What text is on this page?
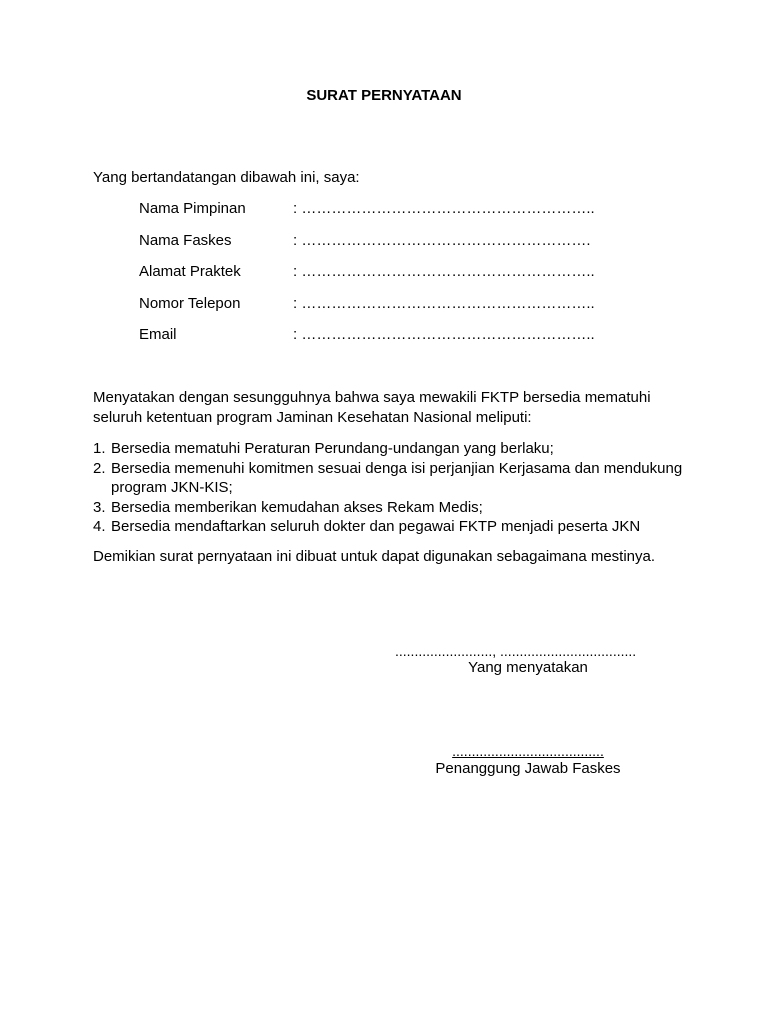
SURAT PERNYATAAN
Yang bertandatangan dibawah ini, saya:
Nama Pimpinan	: …………………………………………………..
Nama Faskes	: ………………………………………………….
Alamat Praktek	: …………………………………………………..
Nomor Telepon	: …………………………………………………..
Email	: …………………………………………………..
Menyatakan dengan sesungguhnya bahwa saya mewakili FKTP bersedia mematuhi seluruh ketentuan program Jaminan Kesehatan Nasional meliputi:
1. Bersedia mematuhi Peraturan Perundang-undangan yang berlaku;
2. Bersedia memenuhi komitmen sesuai denga isi perjanjian Kerjasama dan mendukung program JKN-KIS;
3. Bersedia memberikan kemudahan akses Rekam Medis;
4. Bersedia mendaftarkan seluruh dokter dan pegawai FKTP menjadi peserta JKN
Demikian surat pernyataan ini dibuat untuk dapat digunakan sebagaimana mestinya.
........................., ...................................
Yang menyatakan
.......................................
Penanggung Jawab Faskes
